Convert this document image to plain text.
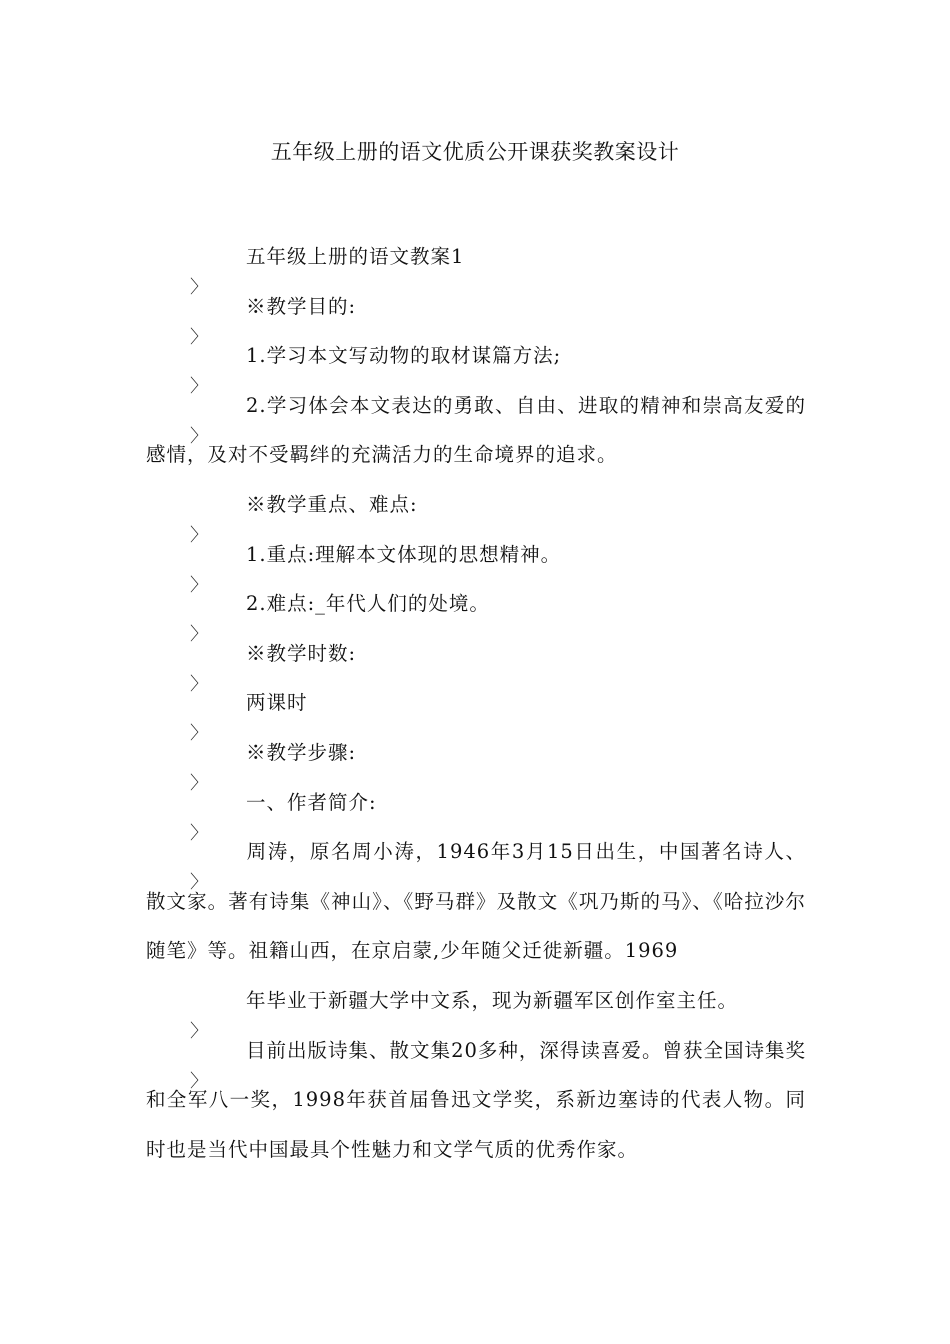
五年级上册的语文优质公开课获奖教案设计

〉
五年级上册的语文教案1

〉
※教学目的:

〉
1.学习本文写动物的取材谋篇方法;

〉
2.学习体会本文表达的勇敢、自由、进取的精神和崇高友爱的感情，及对不受羁绊的充满活力的生命境界的追求。

〉
※教学重点、难点:

〉
1.重点:理解本文体现的思想精神。

〉
2.难点:_年代人们的处境。

〉
※教学时数:

〉
两课时

〉
※教学步骤:

〉
一、作者简介:

〉
周涛，原名周小涛，1946年3月15日出生，中国著名诗人、散文家。著有诗集《神山》、《野马群》及散文《巩乃斯的马》、《哈拉沙尔随笔》等。祖籍山西，在京启蒙,少年随父迁徙新疆。1969

〉
年毕业于新疆大学中文系，现为新疆军区创作室主任。

〉
目前出版诗集、散文集20多种，深得读喜爱。曾获全国诗集奖和全军八一奖，1998年获首届鲁迅文学奖，系新边塞诗的代表人物。同时也是当代中国最具个性魅力和文学气质的优秀作家。
